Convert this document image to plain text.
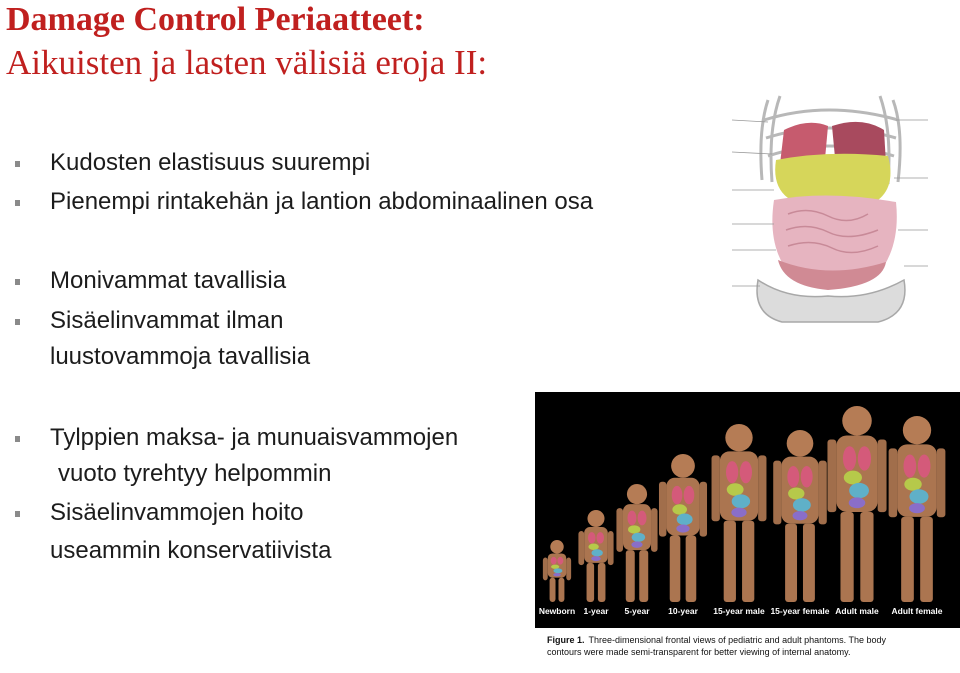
Damage Control Periaatteet:
Aikuisten ja lasten välisiä eroja II:
Kudosten elastisuus suurempi
Pienempi rintakehän ja lantion abdominaalinen osa
Monivammat tavallisia
Sisäelinvammat ilman
luustovammoja tavallisia
Tylppien maksa- ja munuaisvammojen
vuoto tyrehtyy helpommin
Sisäelinvammojen hoito
useammin konservatiivista
Newborn 1-year 5-year 10-year 15-year male 15-year female Adult male Adult female
Figure 1. Three-dimensional frontal views of pediatric and adult phantoms. The body
contours were made semi-transparent for better viewing of internal anatomy.
